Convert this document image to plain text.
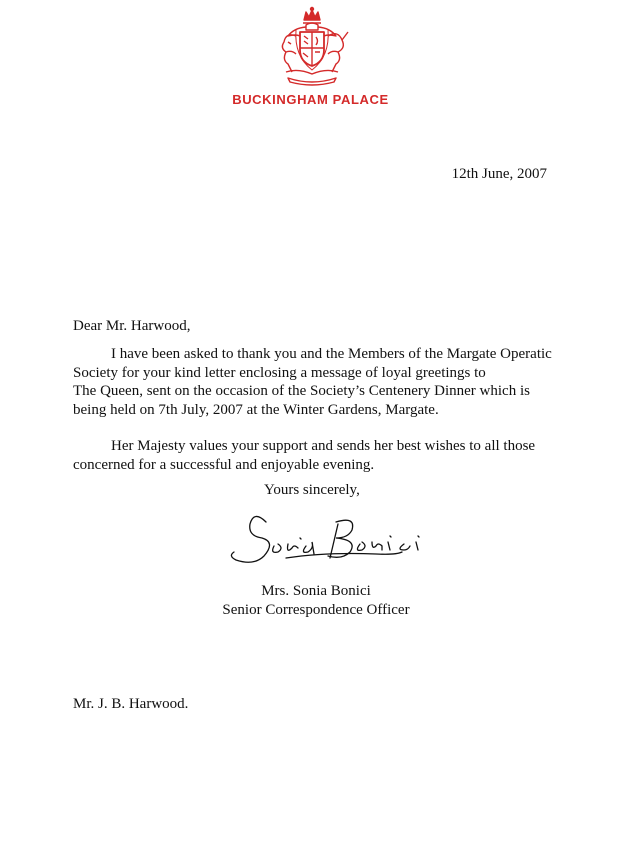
BUCKINGHAM PALACE
12th June, 2007
Dear Mr. Harwood,

I have been asked to thank you and the Members of the Margate Operatic
Society for your kind letter enclosing a message of loyal greetings to
The Queen, sent on the occasion of the Society’s Centenery Dinner which is
being held on 7th July, 2007 at the Winter Gardens, Margate.

Her Majesty values your support and sends her best wishes to all those
concerned for a successful and enjoyable evening.

Yours sincerely,
Mrs. Sonia Bonici
Senior Correspondence Officer
Mr. J. B. Harwood.
